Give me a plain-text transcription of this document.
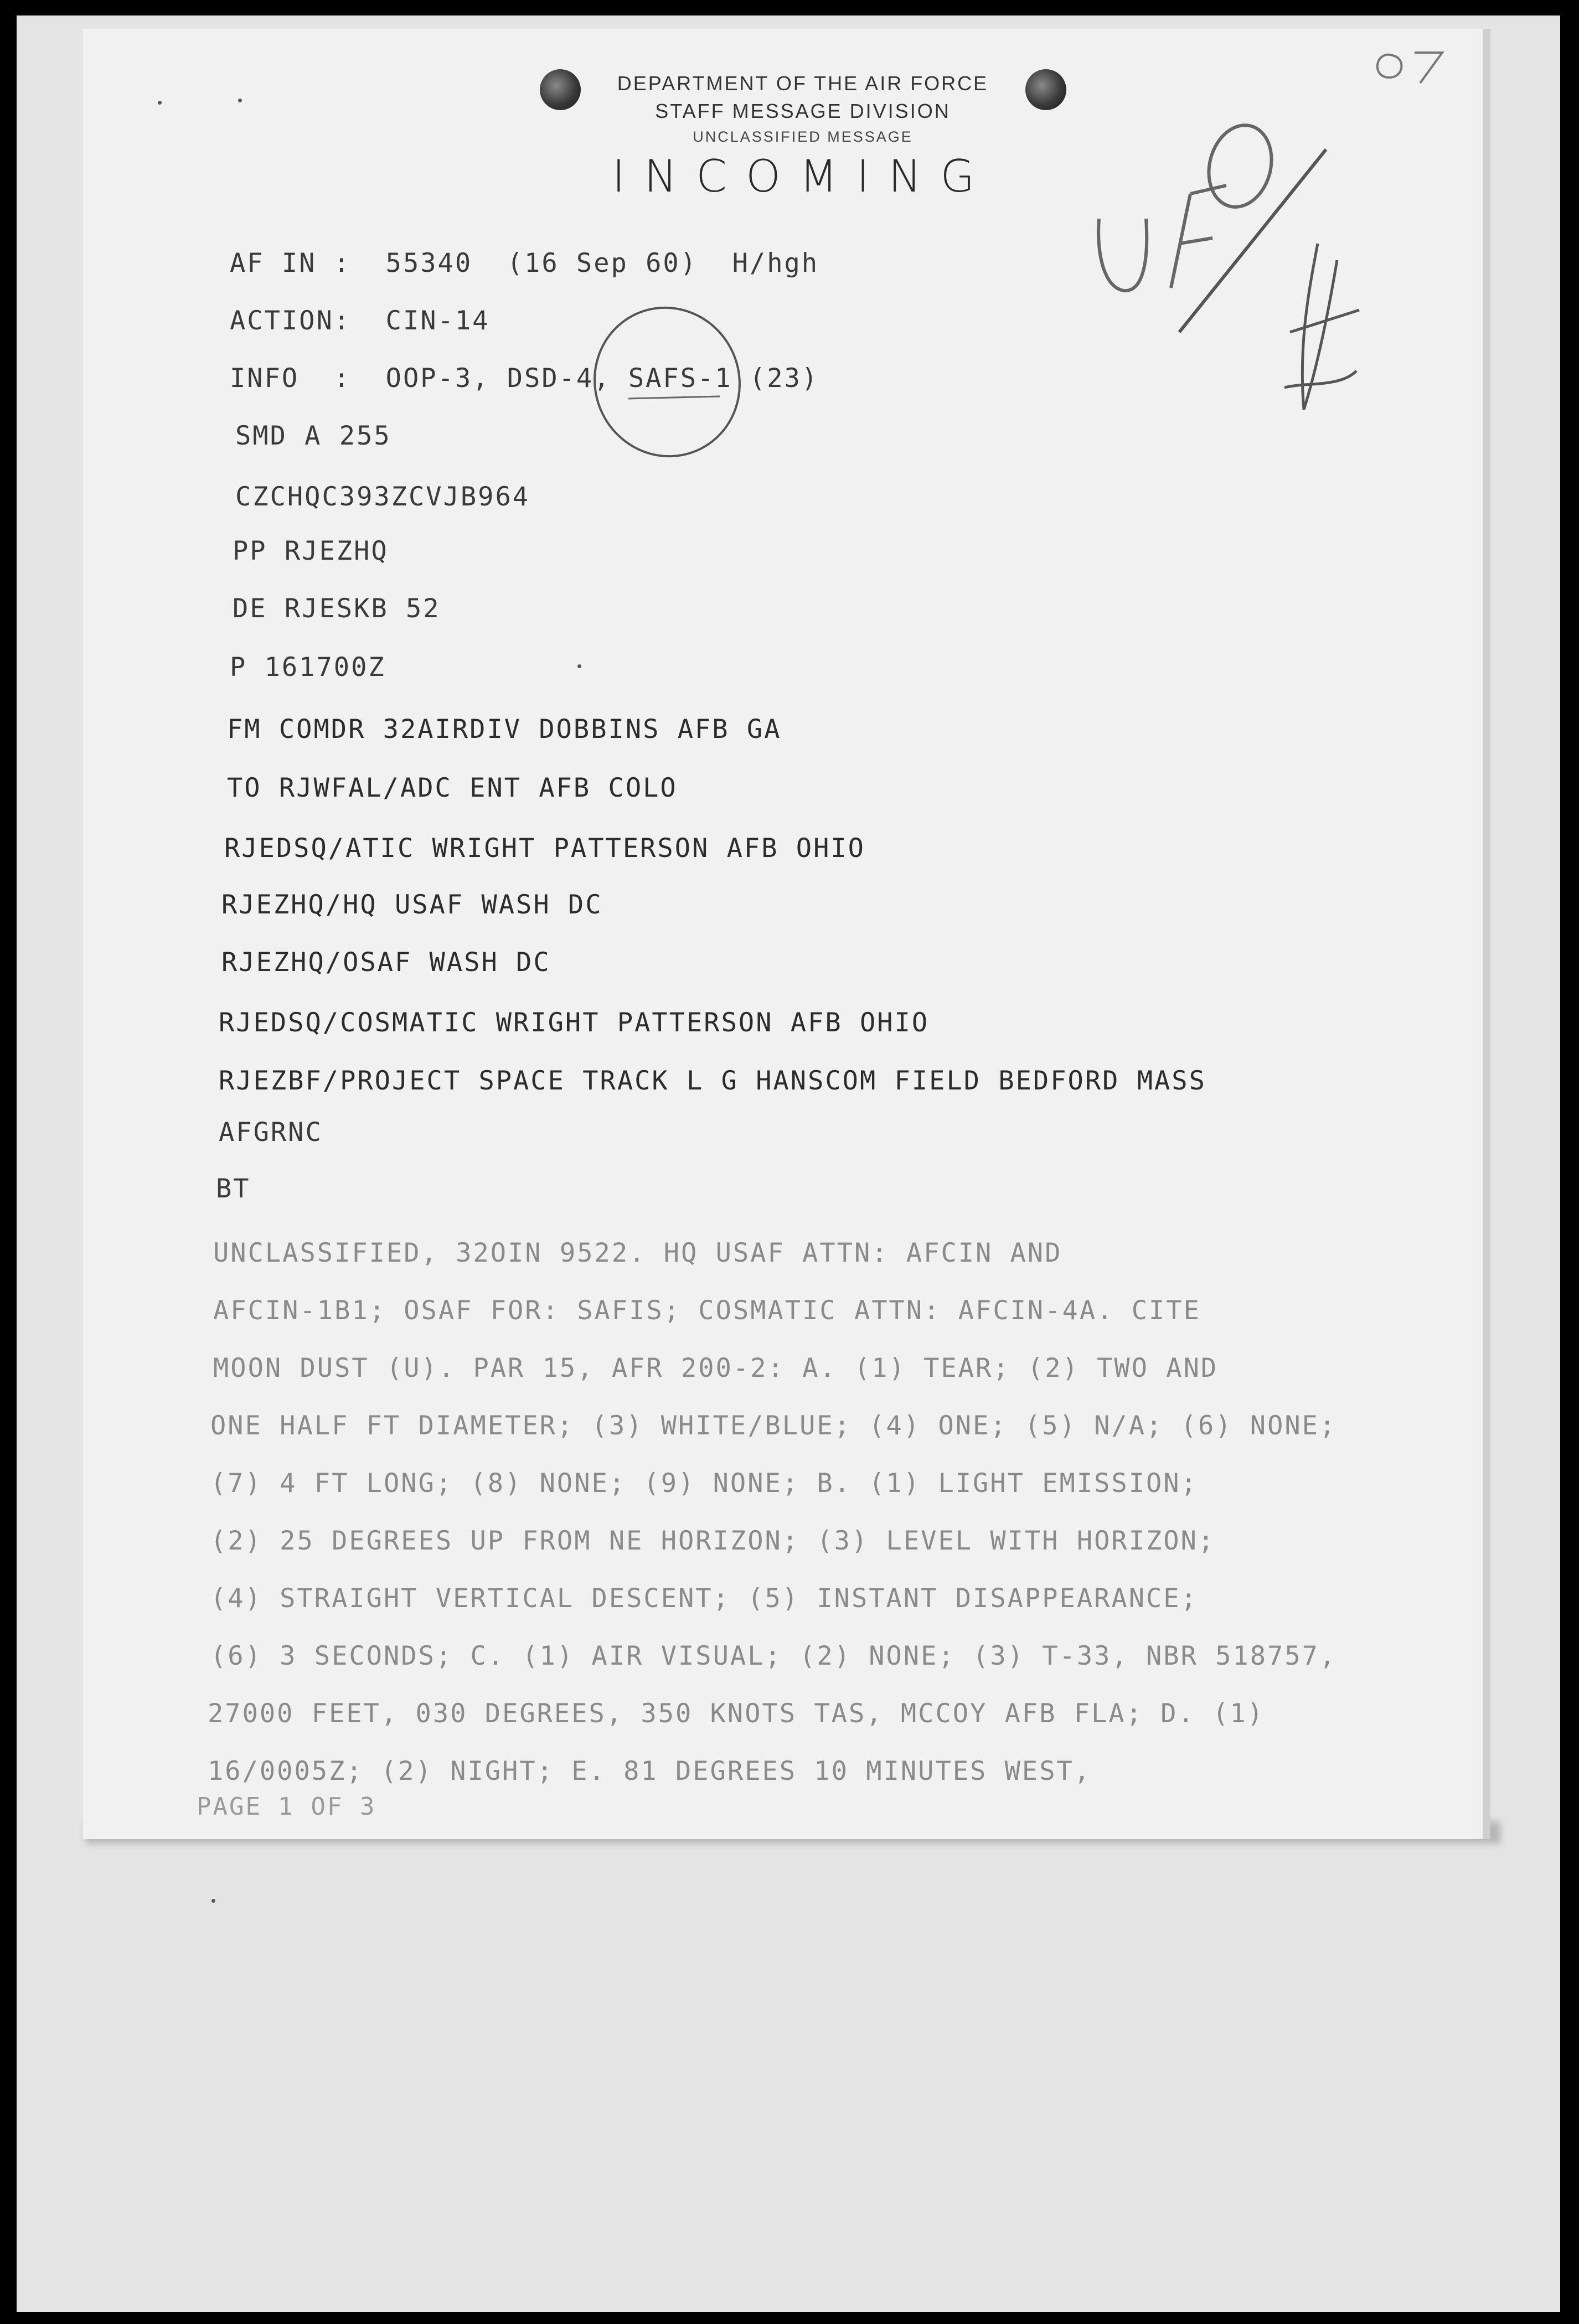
DEPARTMENT OF THE AIR FORCE
STAFF MESSAGE DIVISION
UNCLASSIFIED MESSAGE
INCOMING
AF IN :  55340  (16 Sep 60)  H/hgh
ACTION:  CIN-14
INFO  :  OOP-3, DSD-4, SAFS-1 (23)
SMD A 255
CZCHQC393ZCVJB964
PP RJEZHQ
DE RJESKB 52
P 161700Z
FM COMDR 32AIRDIV DOBBINS AFB GA
TO RJWFAL/ADC ENT AFB COLO
RJEDSQ/ATIC WRIGHT PATTERSON AFB OHIO
RJEZHQ/HQ USAF WASH DC
RJEZHQ/OSAF WASH DC
RJEDSQ/COSMATIC WRIGHT PATTERSON AFB OHIO
RJEZBF/PROJECT SPACE TRACK L G HANSCOM FIELD BEDFORD MASS
AFGRNC
BT
UNCLASSIFIED, 32OIN 9522. HQ USAF ATTN: AFCIN AND
AFCIN-1B1; OSAF FOR: SAFIS; COSMATIC ATTN: AFCIN-4A. CITE
MOON DUST (U). PAR 15, AFR 200-2: A. (1) TEAR; (2) TWO AND
ONE HALF FT DIAMETER; (3) WHITE/BLUE; (4) ONE; (5) N/A; (6) NONE;
(7) 4 FT LONG; (8) NONE; (9) NONE; B. (1) LIGHT EMISSION;
(2) 25 DEGREES UP FROM NE HORIZON; (3) LEVEL WITH HORIZON;
(4) STRAIGHT VERTICAL DESCENT; (5) INSTANT DISAPPEARANCE;
(6) 3 SECONDS; C. (1) AIR VISUAL; (2) NONE; (3) T-33, NBR 518757,
27000 FEET, 030 DEGREES, 350 KNOTS TAS, MCCOY AFB FLA; D. (1)
16/0005Z; (2) NIGHT; E. 81 DEGREES 10 MINUTES WEST,
PAGE 1 OF 3
